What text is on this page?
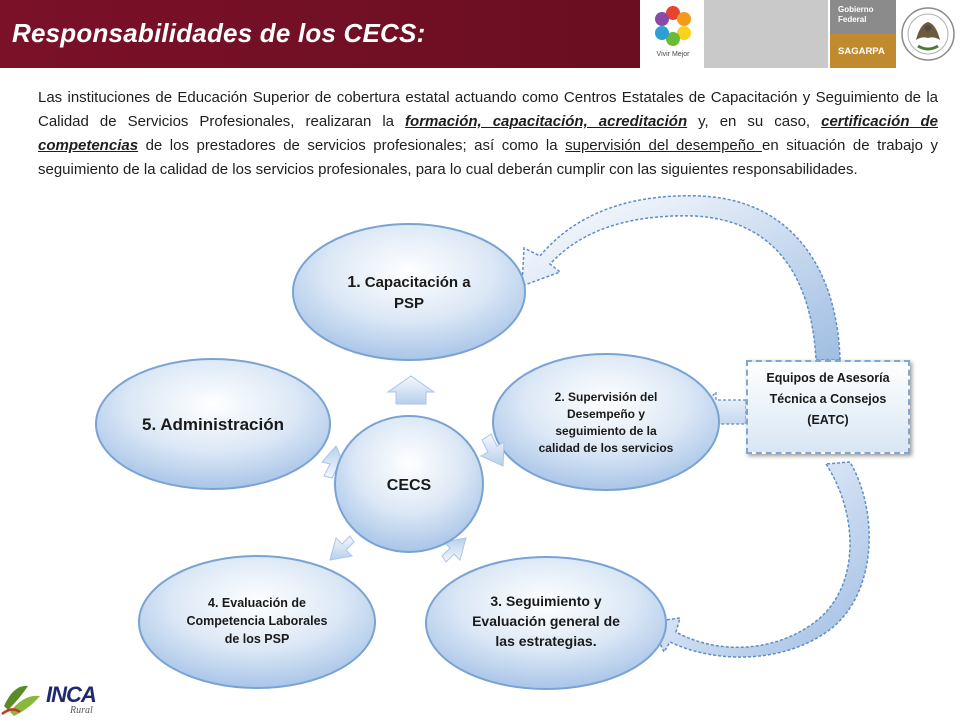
Responsabilidades de los CECS:
Vivir Mejor
Gobierno
Federal
SAGARPA
Las instituciones de Educación Superior de cobertura estatal actuando como Centros Estatales de Capacitación y Seguimiento de la Calidad de Servicios Profesionales, realizaran la formación, capacitación, acreditación y, en su caso, certificación de competencias de los prestadores de servicios profesionales; así como la supervisión del desempeño en situación de trabajo y seguimiento de la calidad de los servicios profesionales, para lo cual deberán cumplir con las siguientes responsabilidades.
1. Capacitación a
PSP
5. Administración
2. Supervisión del
Desempeño y
seguimiento de la
calidad de los servicios
4. Evaluación de
Competencia Laborales
de los PSP
3. Seguimiento y
Evaluación general de
las estrategias.
CECS
Equipos de Asesoría
Técnica a Consejos
(EATC)
INCA
Rural
